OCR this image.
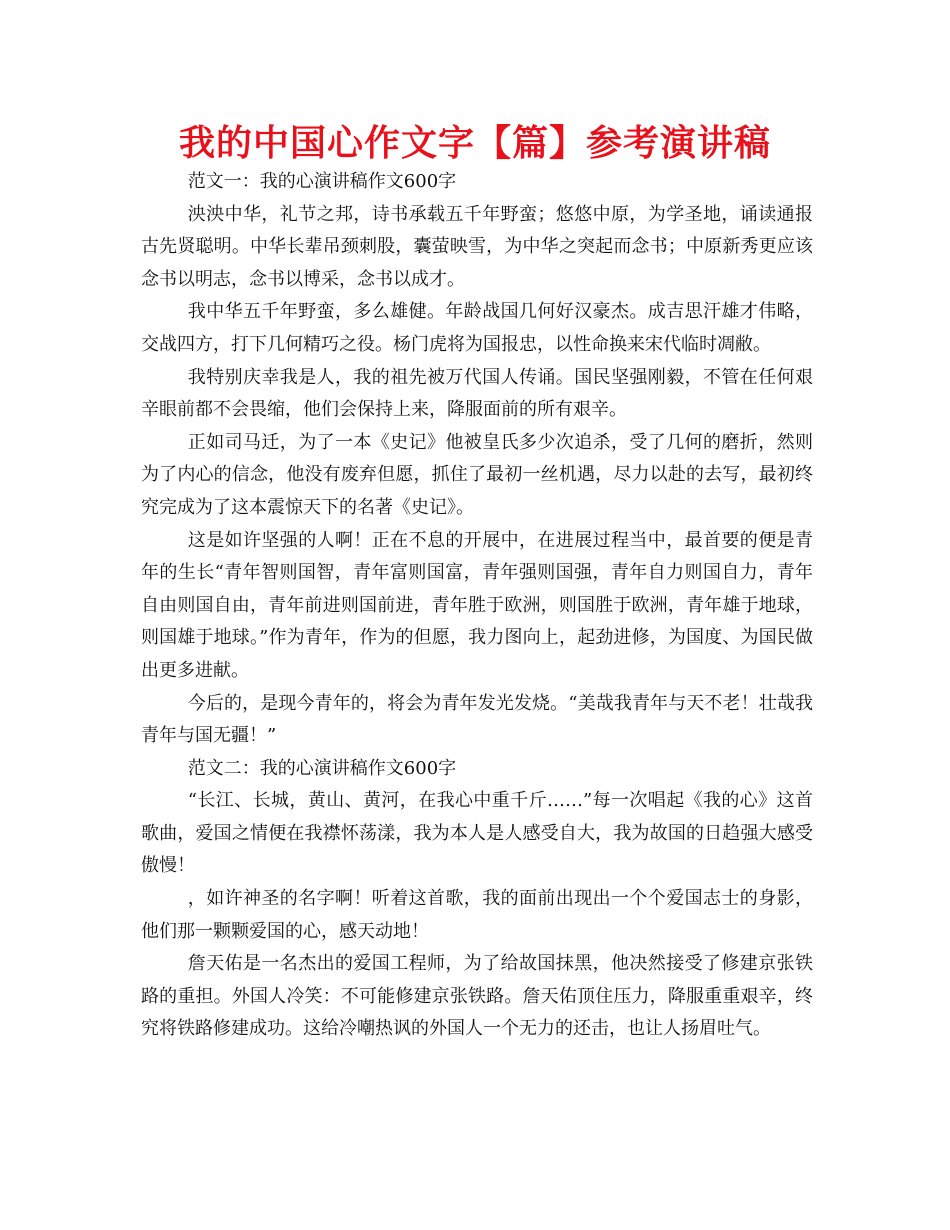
我的中国心作文字【篇】参考演讲稿

范文一：我的心演讲稿作文600字

泱泱中华，礼节之邦，诗书承载五千年野蛮；悠悠中原，为学圣地，诵读通报古先贤聪明。中华长辈吊颈刺股，囊萤映雪，为中华之突起而念书；中原新秀更应该念书以明志，念书以博采，念书以成才。

我中华五千年野蛮，多么雄健。年龄战国几何好汉豪杰。成吉思汗雄才伟略，交战四方，打下几何精巧之役。杨门虎将为国报忠，以性命换来宋代临时凋敝。

我特别庆幸我是人，我的祖先被万代国人传诵。国民坚强刚毅，不管在任何艰辛眼前都不会畏缩，他们会保持上来，降服面前的所有艰辛。

正如司马迁，为了一本《史记》他被皇氏多少次追杀，受了几何的磨折，然则为了内心的信念，他没有废弃但愿，抓住了最初一丝机遇，尽力以赴的去写，最初终究完成为了这本震惊天下的名著《史记》。

这是如许坚强的人啊！正在不息的开展中，在进展过程当中，最首要的便是青年的生长“青年智则国智，青年富则国富，青年强则国强，青年自力则国自力，青年自由则国自由，青年前进则国前进，青年胜于欧洲，则国胜于欧洲，青年雄于地球，则国雄于地球。”作为青年，作为的但愿，我力图向上，起劲进修，为国度、为国民做出更多进献。

今后的，是现今青年的，将会为青年发光发烧。“美哉我青年与天不老！壮哉我青年与国无疆！”

范文二：我的心演讲稿作文600字

“长江、长城，黄山、黄河，在我心中重千斤……”每一次唱起《我的心》这首歌曲，爱国之情便在我襟怀荡漾，我为本人是人感受自大，我为故国的日趋强大感受傲慢！

，如许神圣的名字啊！听着这首歌，我的面前出现出一个个爱国志士的身影，他们那一颗颗爱国的心，感天动地！

詹天佑是一名杰出的爱国工程师，为了给故国抹黑，他决然接受了修建京张铁路的重担。外国人冷笑：不可能修建京张铁路。詹天佑顶住压力，降服重重艰辛，终究将铁路修建成功。这给冷嘲热讽的外国人一个无力的还击，也让人扬眉吐气。
